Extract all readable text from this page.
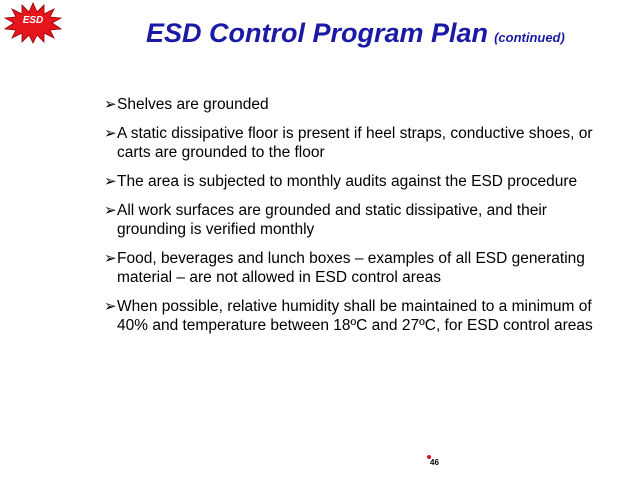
ESD	ESD Control Program Plan (continued)
➢ Shelves are grounded
➢ A static dissipative floor is present if heel straps, conductive shoes, or carts are grounded to the floor
➢ The area is subjected to monthly audits against the ESD procedure
➢ All work surfaces are grounded and static dissipative, and their grounding is verified monthly
➢ Food, beverages and lunch boxes – examples of all ESD generating material – are not allowed in ESD control areas
➢ When possible, relative humidity shall be maintained to a minimum of 40% and temperature between 18ºC and 27ºC, for ESD control areas
46
